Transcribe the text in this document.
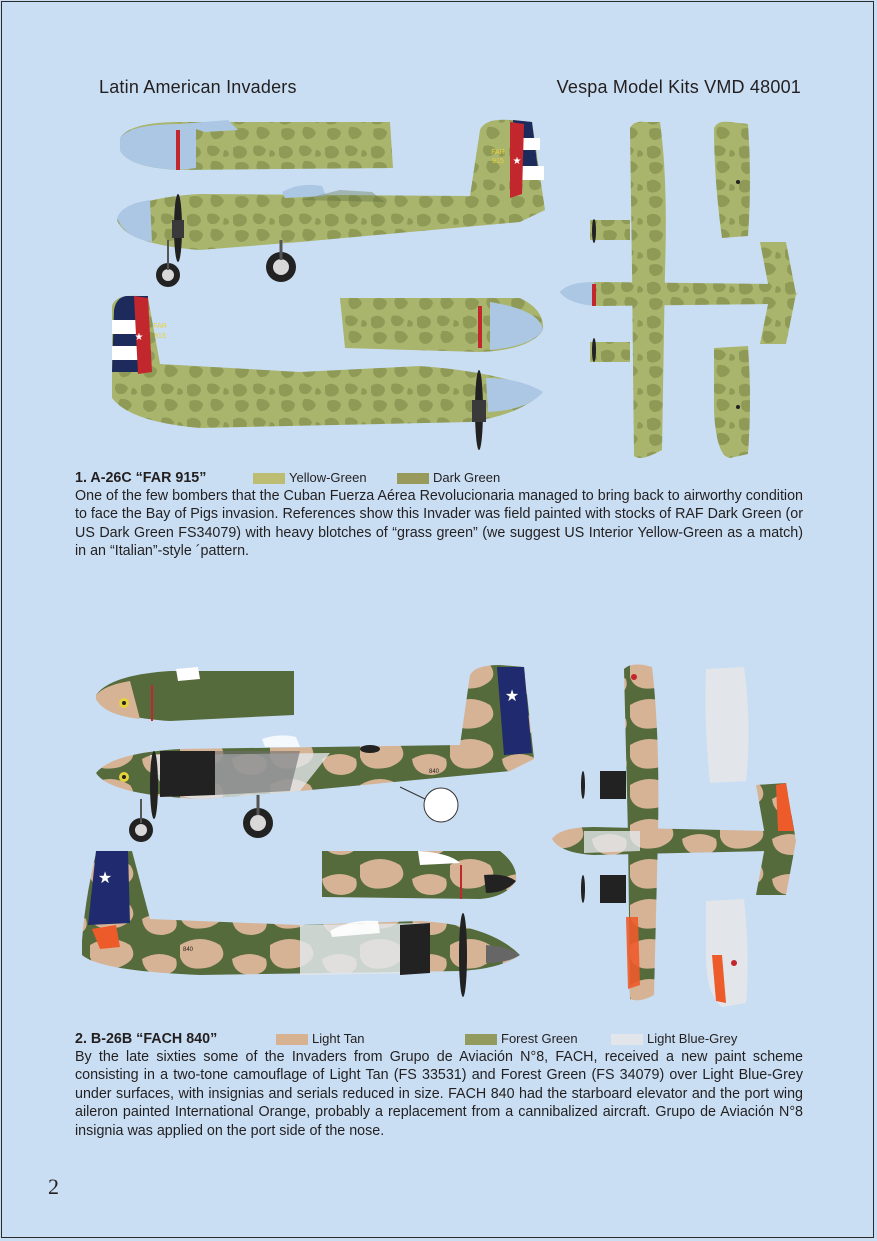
Latin American Invaders	Vespa Model Kits VMD 48001
★
FAR
915
★
FAR
915
1. A-26C “FAR 915”	Yellow-Green	Dark Green

One of the few bombers that the Cuban Fuerza Aérea Revolucionaria managed to bring back to airworthy condition to face the Bay of Pigs invasion. References show this Invader was field painted with stocks of RAF Dark Green (or US Dark Green FS34079) with heavy blotches of “grass green” (we suggest US Interior Yellow-Green as a match) in an “Italian”-style ´pattern.

★
840
★
840
2. B-26B “FACH 840”	Light Tan	Forest Green	Light Blue-Grey

By the late sixties some of the Invaders from Grupo de Aviación N°8, FACH, received a new paint scheme consisting in a two-tone camouflage of Light Tan (FS 33531) and Forest Green (FS 34079) over Light Blue-Grey under surfaces, with insignias and serials reduced in size. FACH 840 had the starboard elevator and the port wing aileron painted International Orange, probably a replacement from a cannibalized aircraft. Grupo de Aviación N°8 insignia was applied on the port side of the nose.

2
